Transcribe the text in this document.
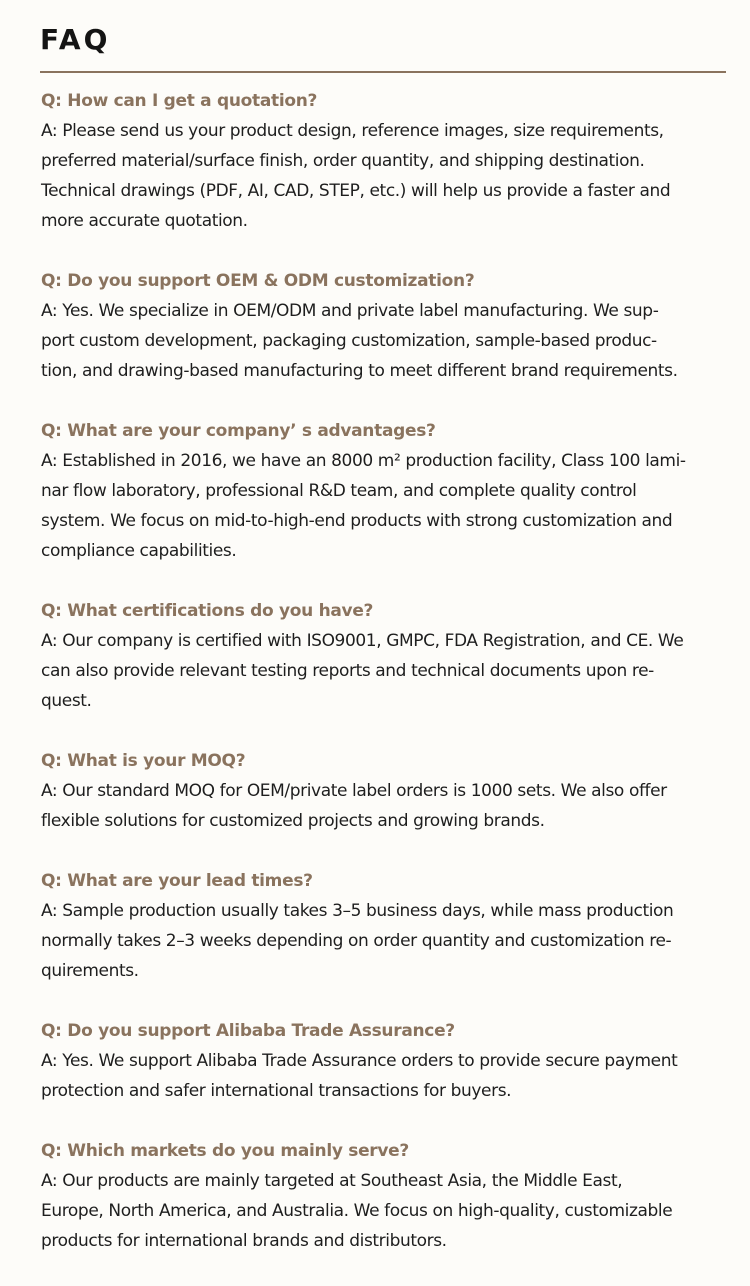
FAQ

Q: How can I get a quotation?

A: Please send us your product design, reference images, size requirements,
preferred material/surface finish, order quantity, and shipping destination.
Technical drawings (PDF, AI, CAD, STEP, etc.) will help us provide a faster and
more accurate quotation.

Q: Do you support OEM & ODM customization?

A: Yes. We specialize in OEM/ODM and private label manufacturing. We sup-
port custom development, packaging customization, sample-based produc-
tion, and drawing-based manufacturing to meet different brand requirements.

Q: What are your company’ s advantages?

A: Established in 2016, we have an 8000 m² production facility, Class 100 lami-
nar flow laboratory, professional R&D team, and complete quality control
system. We focus on mid-to-high-end products with strong customization and
compliance capabilities.

Q: What certifications do you have?

A: Our company is certified with ISO9001, GMPC, FDA Registration, and CE. We
can also provide relevant testing reports and technical documents upon re-
quest.

Q: What is your MOQ?

A: Our standard MOQ for OEM/private label orders is 1000 sets. We also offer
flexible solutions for customized projects and growing brands.

Q: What are your lead times?

A: Sample production usually takes 3–5 business days, while mass production
normally takes 2–3 weeks depending on order quantity and customization re-
quirements.

Q: Do you support Alibaba Trade Assurance?

A: Yes. We support Alibaba Trade Assurance orders to provide secure payment
protection and safer international transactions for buyers.

Q: Which markets do you mainly serve?

A: Our products are mainly targeted at Southeast Asia, the Middle East,
Europe, North America, and Australia. We focus on high-quality, customizable
products for international brands and distributors.
